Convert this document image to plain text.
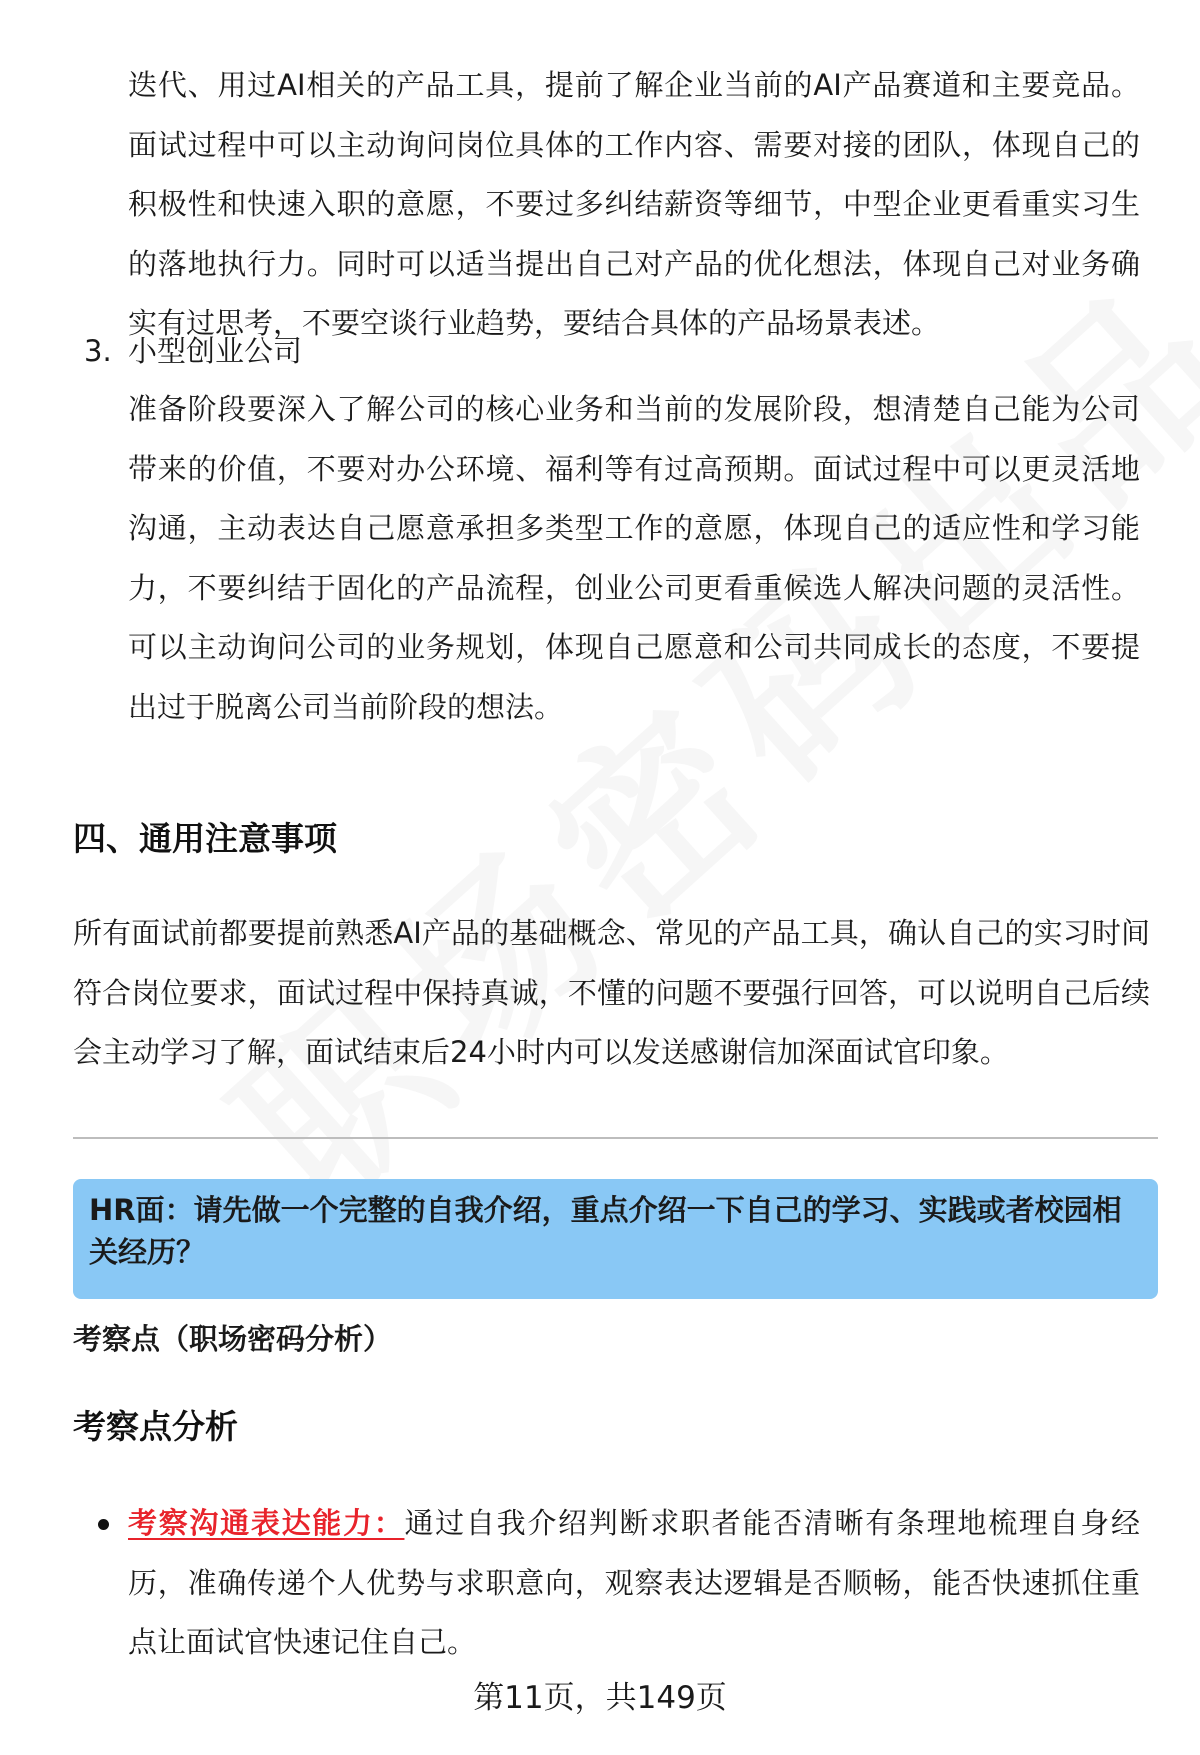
迭代、用过AI相关的产品工具，提前了解企业当前的AI产品赛道和主要竞品。面试过程中可以主动询问岗位具体的工作内容、需要对接的团队，体现自己的积极性和快速入职的意愿，不要过多纠结薪资等细节，中型企业更看重实习生的落地执行力。同时可以适当提出自己对产品的优化想法，体现自己对业务确实有过思考，不要空谈行业趋势，要结合具体的产品场景表述。

3. 小型创业公司

准备阶段要深入了解公司的核心业务和当前的发展阶段，想清楚自己能为公司带来的价值，不要对办公环境、福利等有过高预期。面试过程中可以更灵活地沟通，主动表达自己愿意承担多类型工作的意愿，体现自己的适应性和学习能力，不要纠结于固化的产品流程，创业公司更看重候选人解决问题的灵活性。可以主动询问公司的业务规划，体现自己愿意和公司共同成长的态度，不要提出过于脱离公司当前阶段的想法。

四、通用注意事项

所有面试前都要提前熟悉AI产品的基础概念、常见的产品工具，确认自己的实习时间符合岗位要求，面试过程中保持真诚，不懂的问题不要强行回答，可以说明自己后续会主动学习了解，面试结束后24小时内可以发送感谢信加深面试官印象。

HR面：请先做一个完整的自我介绍，重点介绍一下自己的学习、实践或者校园相关经历？

考察点（职场密码分析）
考察点分析

考察沟通表达能力：通过自我介绍判断求职者能否清晰有条理地梳理自身经历，准确传递个人优势与求职意向，观察表达逻辑是否顺畅，能否快速抓住重点让面试官快速记住自己。

第11页，共149页
